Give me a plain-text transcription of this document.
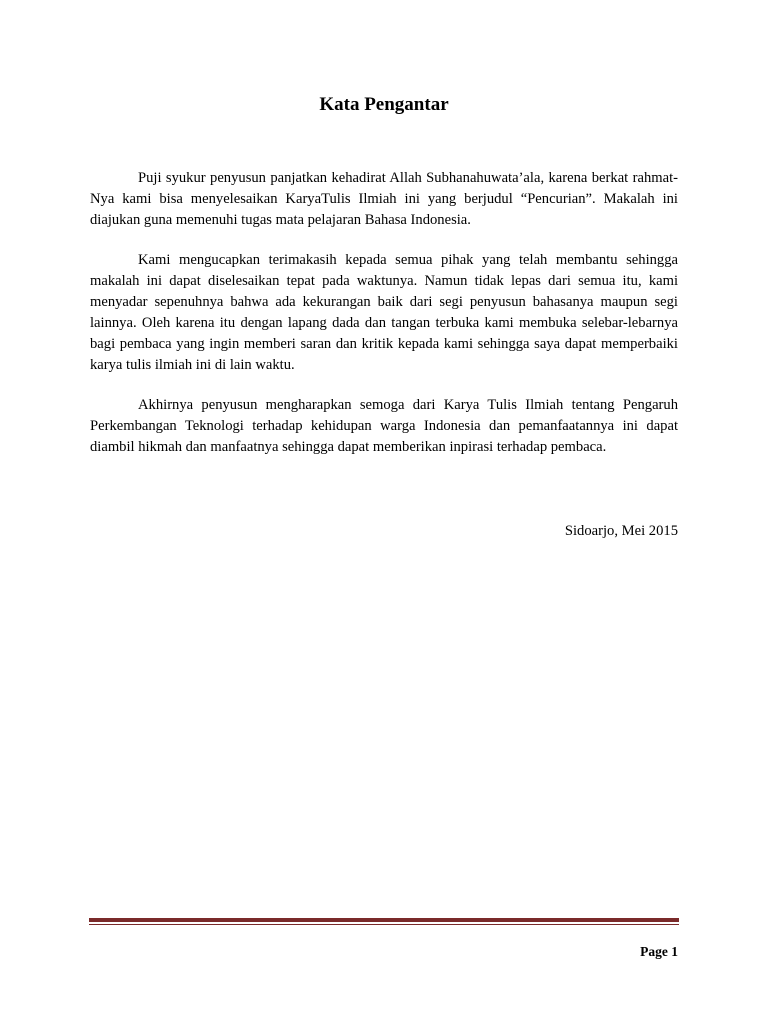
Kata Pengantar

Puji syukur penyusun panjatkan kehadirat Allah Subhanahuwata’ala, karena berkat rahmat-Nya kami bisa menyelesaikan KaryaTulis Ilmiah ini yang berjudul “Pencurian”. Makalah ini diajukan guna memenuhi tugas mata pelajaran Bahasa Indonesia.

Kami mengucapkan terimakasih kepada semua pihak yang telah membantu sehingga makalah ini dapat diselesaikan tepat pada waktunya. Namun tidak lepas dari semua itu, kami menyadar sepenuhnya bahwa ada kekurangan baik dari segi penyusun bahasanya maupun segi lainnya. Oleh karena itu dengan lapang dada dan tangan terbuka kami membuka selebar-lebarnya bagi pembaca yang ingin memberi saran dan kritik kepada kami sehingga saya dapat memperbaiki karya tulis ilmiah ini di lain waktu.

Akhirnya penyusun mengharapkan semoga dari Karya Tulis Ilmiah tentang Pengaruh Perkembangan Teknologi terhadap kehidupan warga Indonesia dan pemanfaatannya ini dapat diambil hikmah dan manfaatnya sehingga dapat memberikan inpirasi terhadap pembaca.

Sidoarjo, Mei 2015
Page 1
